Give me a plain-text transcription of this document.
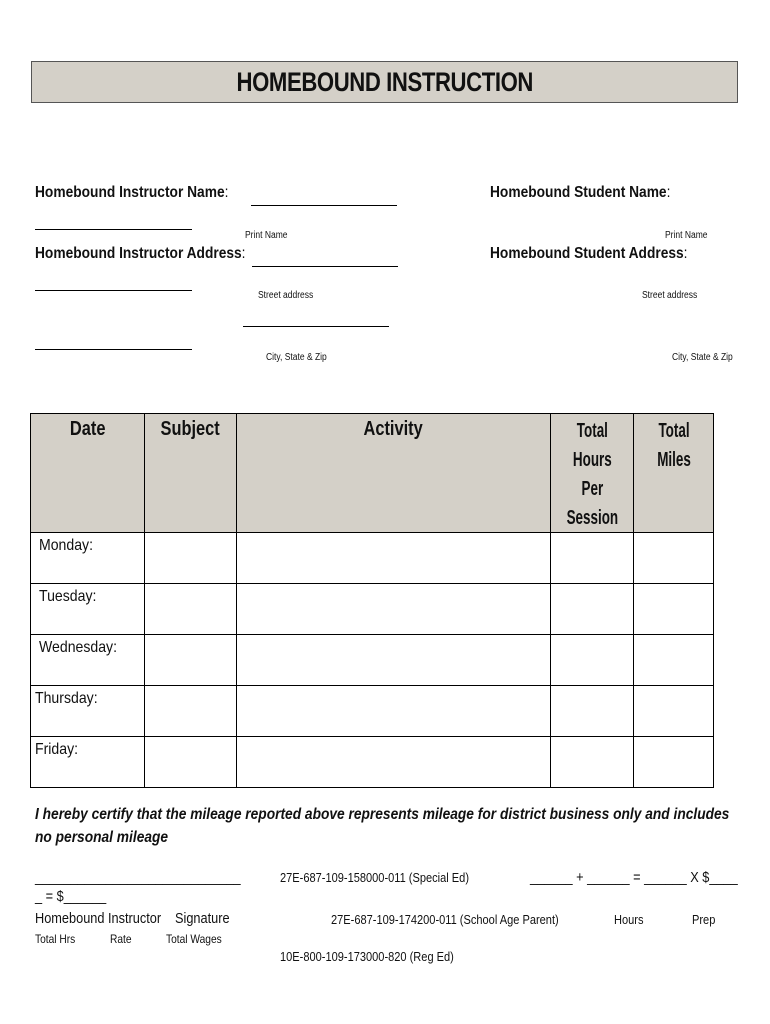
HOMEBOUND INSTRUCTION
Homebound Instructor Name:
Print Name
Homebound Student Name:
Print Name
Homebound Instructor Address:
Street address
City, State & Zip
Homebound Student Address:
Street address
City, State & Zip
Date	Subject	Activity	Total
Hours
Per
Session	Total
Miles

Monday:				
Tuesday:				
Wednesday:				
Thursday:				
Friday:				
I hereby certify that the mileage reported above represents mileage for district business only and includes no personal mileage
_____________________________
_ = $______
Homebound Instructor Signature
Total Hrs	Rate	Total Wages
27E-687-109-158000-011 (Special Ed)
27E-687-109-174200-011 (School Age Parent)
10E-800-109-173000-820 (Reg Ed)
______ + ______ = ______ X $____
Hours	Prep
